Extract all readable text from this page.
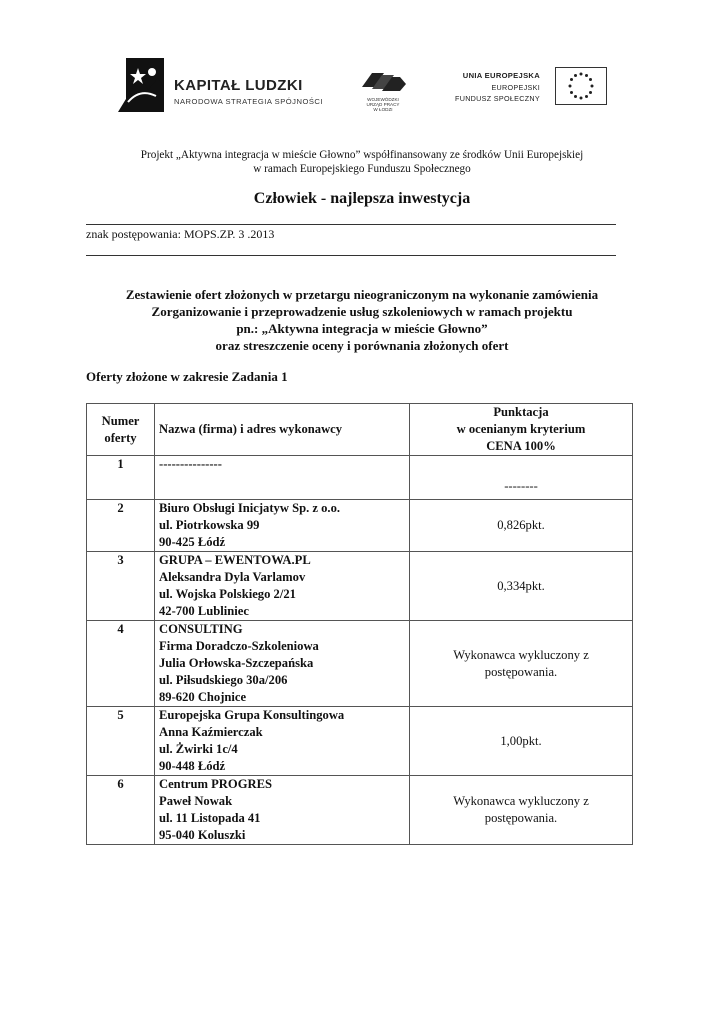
KAPITAŁ LUDZKI
NARODOWA STRATEGIA SPÓJNOŚCI	WOJEWÓDZKI
URZĄD PRACY
W ŁODZI
UNIA EUROPEJSKA
EUROPEJSKI
FUNDUSZ SPOŁECZNY
Projekt „Aktywna integracja w mieście Głowno” współfinansowany ze środków Unii Europejskiej
w ramach Europejskiego Funduszu Społecznego
Człowiek - najlepsza inwestycja
znak postępowania: MOPS.ZP. 3 .2013
Zestawienie ofert złożonych w przetargu nieograniczonym na wykonanie zamówienia
Zorganizowanie i przeprowadzenie usług szkoleniowych w ramach projektu
pn.: „Aktywna integracja w mieście Głowno”
oraz streszczenie oceny i porównania złożonych ofert
Oferty złożone w zakresie Zadania 1
Numer
oferty	Nazwa (firma) i adres wykonawcy	Punktacja
w ocenianym kryterium
CENA 100%

1	---------------	--------

2	Biuro Obsługi Inicjatyw Sp. z o.o.
ul. Piotrkowska 99
90-425 Łódź	0,826pkt.

3	GRUPA – EWENTOWA.PL
Aleksandra Dyla Varlamov
ul. Wojska Polskiego 2/21
42-700 Lubliniec	0,334pkt.

4	CONSULTING
Firma Doradczo-Szkoleniowa
Julia Orłowska-Szczepańska
ul. Piłsudskiego 30a/206
89-620 Chojnice	Wykonawca wykluczony z
postępowania.

5	Europejska Grupa Konsultingowa
Anna Kaźmierczak
ul. Żwirki 1c/4
90-448 Łódź	1,00pkt.

6	Centrum PROGRES
Paweł Nowak
ul. 11 Listopada 41
95-040 Koluszki	Wykonawca wykluczony z
postępowania.
